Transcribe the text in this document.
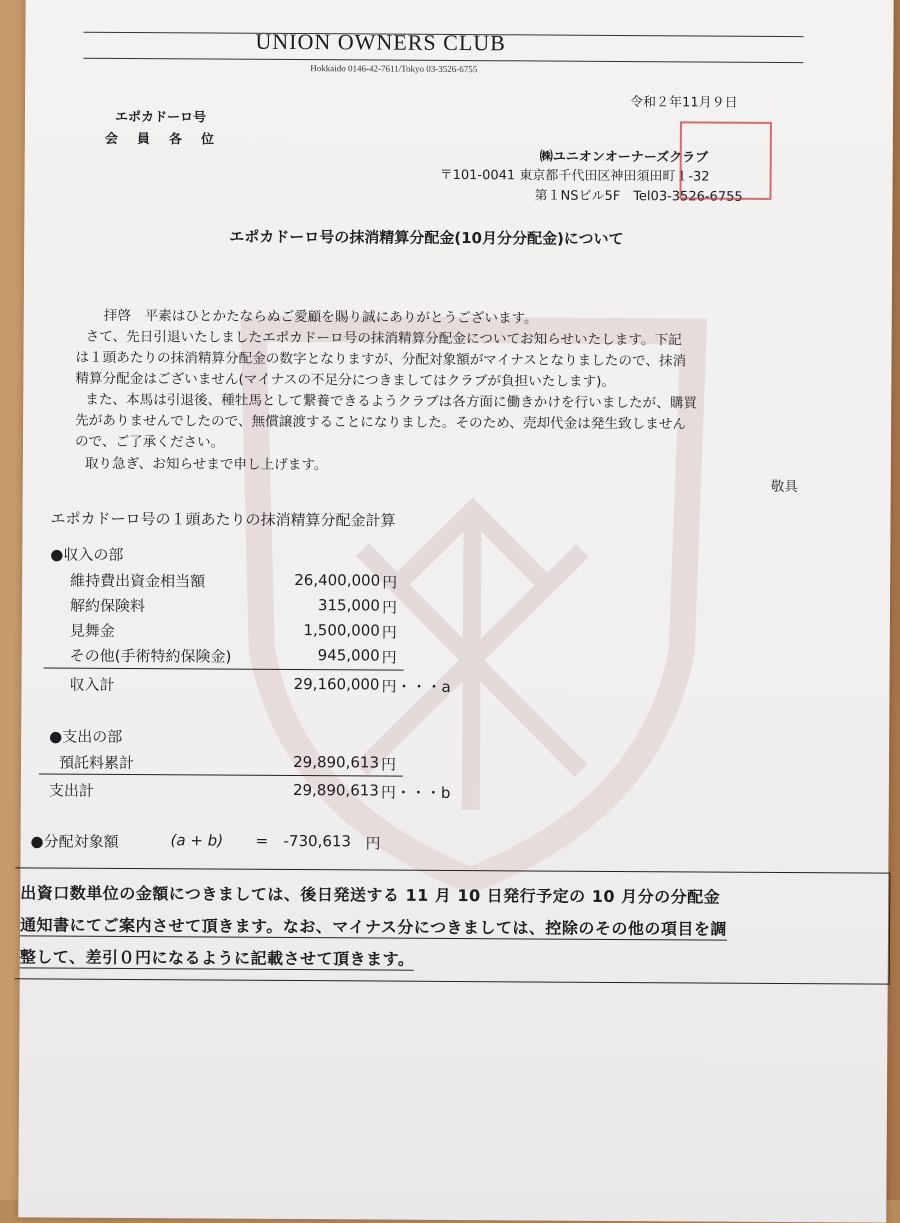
UNION OWNERS CLUB
Hokkaido 0146-42-7611/Tokyo 03-3526-6755
令和２年11月９日
エポカドーロ号
会　員　各　位
㈱ユニオンオーナーズクラブ
〒101-0041 東京都千代田区神田須田町１-32
第１NSビル5F　Tel03-3526-6755
エポカドーロ号の抹消精算分配金(10月分分配金)について
拝啓　平素はひとかたならぬご愛顧を賜り誠にありがとうございます。
さて、先日引退いたしましたエポカドーロ号の抹消精算分配金についてお知らせいたします。下記
は１頭あたりの抹消精算分配金の数字となりますが、分配対象額がマイナスとなりましたので、抹消
精算分配金はございません(マイナスの不足分につきましてはクラブが負担いたします)。
また、本馬は引退後、種牡馬として繋養できるようクラブは各方面に働きかけを行いましたが、購買
先がありませんでしたので、無償譲渡することになりました。そのため、売却代金は発生致しません
ので、ご了承ください。
取り急ぎ、お知らせまで申し上げます。
敬具
エポカドーロ号の１頭あたりの抹消精算分配金計算
●収入の部
維持費出資金相当額	26,400,000 円
解約保険料	315,000 円
見舞金	1,500,000 円
その他(手術特約保険金)	945,000 円
収入計	29,160,000 円・・・a
●支出の部
預託料累計	29,890,613 円
支出計	29,890,613 円・・・b
●分配対象額	(a + b) = -730,613 円
出資口数単位の金額につきましては、後日発送する 11 月 10 日発行予定の 10 月分の分配金
通知書にてご案内させて頂きます。なお、マイナス分につきましては、控除のその他の項目を調
整して、差引０円になるように記載させて頂きます。
